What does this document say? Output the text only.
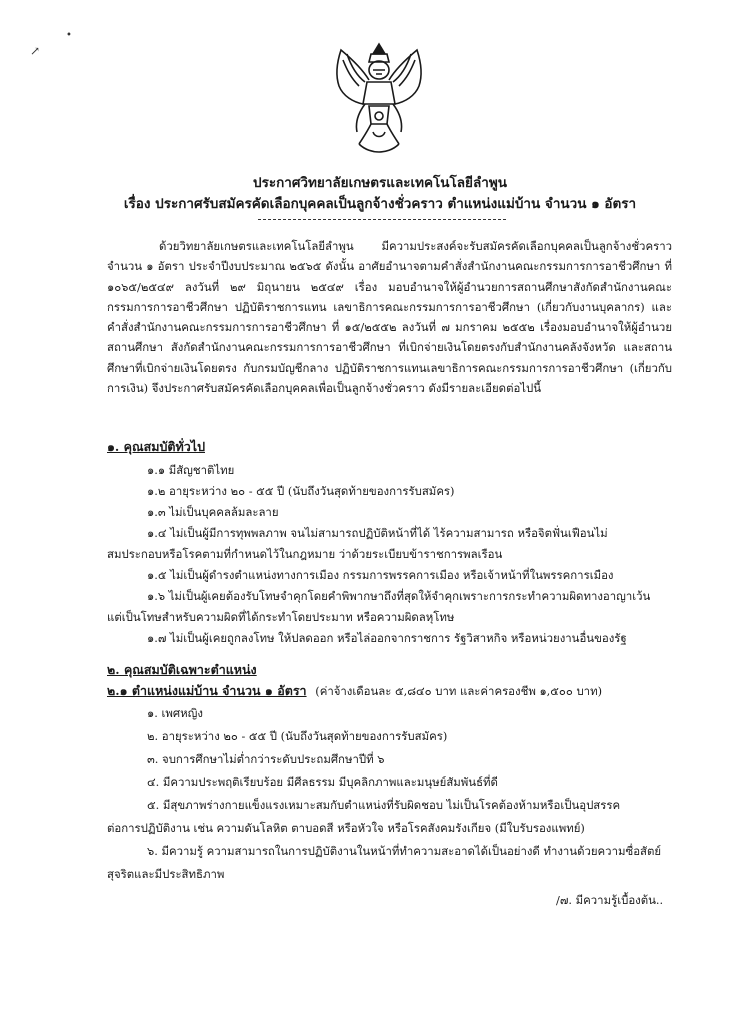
↗
•
ประกาศวิทยาลัยเกษตรและเทคโนโลยีลำพูน
เรื่อง ประกาศรับสมัครคัดเลือกบุคคลเป็นลูกจ้างชั่วคราว ตำแหน่งแม่บ้าน จำนวน ๑ อัตรา
ด้วยวิทยาลัยเกษตรและเทคโนโลยีลำพูน มีความประสงค์จะรับสมัครคัดเลือกบุคคลเป็นลูกจ้างชั่วคราว จำนวน ๑ อัตรา ประจำปีงบประมาณ ๒๕๖๕ ดังนั้น อาศัยอำนาจตามคำสั่งสำนักงานคณะกรรมการการอาชีวศึกษา ที่ ๑๐๖๕/๒๕๔๙ ลงวันที่ ๒๙ มิถุนายน ๒๕๔๙ เรื่อง มอบอำนาจให้ผู้อำนวยการสถานศึกษาสังกัดสำนักงานคณะกรรมการการอาชีวศึกษา ปฏิบัติราชการแทน เลขาธิการคณะกรรมการการอาชีวศึกษา (เกี่ยวกับงานบุคลากร) และคำสั่งสำนักงานคณะกรรมการการอาชีวศึกษา ที่ ๑๕/๒๕๕๒ ลงวันที่ ๗ มกราคม ๒๕๕๒ เรื่องมอบอำนาจให้ผู้อำนวยสถานศึกษา สังกัดสำนักงานคณะกรรมการการอาชีวศึกษา ที่เบิกจ่ายเงินโดยตรงกับสำนักงานคลังจังหวัด และสถานศึกษาที่เบิกจ่ายเงินโดยตรง กับกรมบัญชีกลาง ปฏิบัติราชการแทนเลขาธิการคณะกรรมการการอาชีวศึกษา (เกี่ยวกับการเงิน) จึงประกาศรับสมัครคัดเลือกบุคคลเพื่อเป็นลูกจ้างชั่วคราว ดังมีรายละเอียดต่อไปนี้
๑. คุณสมบัติทั่วไป
๑.๑ มีสัญชาติไทย
๑.๒ อายุระหว่าง ๒๐ - ๕๕ ปี (นับถึงวันสุดท้ายของการรับสมัคร)
๑.๓ ไม่เป็นบุคคลล้มละลาย
๑.๔ ไม่เป็นผู้มีการทุพพลภาพ จนไม่สามารถปฏิบัติหน้าที่ได้ ไร้ความสามารถ หรือจิตฟั่นเฟือนไม่
สมประกอบหรือโรคตามที่กำหนดไว้ในกฎหมาย ว่าด้วยระเบียบข้าราชการพลเรือน
๑.๕ ไม่เป็นผู้ดำรงตำแหน่งทางการเมือง กรรมการพรรคการเมือง หรือเจ้าหน้าที่ในพรรคการเมือง
๑.๖ ไม่เป็นผู้เคยต้องรับโทษจำคุกโดยคำพิพากษาถึงที่สุดให้จำคุกเพราะการกระทำความผิดทางอาญาเว้น
แต่เป็นโทษสำหรับความผิดที่ได้กระทำโดยประมาท หรือความผิดลหุโทษ
๑.๗ ไม่เป็นผู้เคยถูกลงโทษ ให้ปลดออก หรือไล่ออกจากราชการ รัฐวิสาหกิจ หรือหน่วยงานอื่นของรัฐ
๒. คุณสมบัติเฉพาะตำแหน่ง
๒.๑ ตำแหน่งแม่บ้าน จำนวน ๑ อัตรา (ค่าจ้างเดือนละ ๕,๘๔๐ บาท และค่าครองชีพ ๑,๕๐๐ บาท)
๑. เพศหญิง
๒. อายุระหว่าง ๒๐ - ๕๕ ปี (นับถึงวันสุดท้ายของการรับสมัคร)
๓. จบการศึกษาไม่ต่ำกว่าระดับประถมศึกษาปีที่ ๖
๔. มีความประพฤติเรียบร้อย มีศีลธรรม มีบุคลิกภาพและมนุษย์สัมพันธ์ที่ดี
๕. มีสุขภาพร่างกายแข็งแรงเหมาะสมกับตำแหน่งที่รับผิดชอบ ไม่เป็นโรคต้องห้ามหรือเป็นอุปสรรค
ต่อการปฏิบัติงาน เช่น ความดันโลหิต ตาบอดสี หรือหัวใจ หรือโรคสังคมรังเกียจ (มีใบรับรองแพทย์)
๖. มีความรู้ ความสามารถในการปฏิบัติงานในหน้าที่ทำความสะอาดได้เป็นอย่างดี ทำงานด้วยความซื่อสัตย์
สุจริตและมีประสิทธิภาพ
/๗. มีความรู้เบื้องต้น..
